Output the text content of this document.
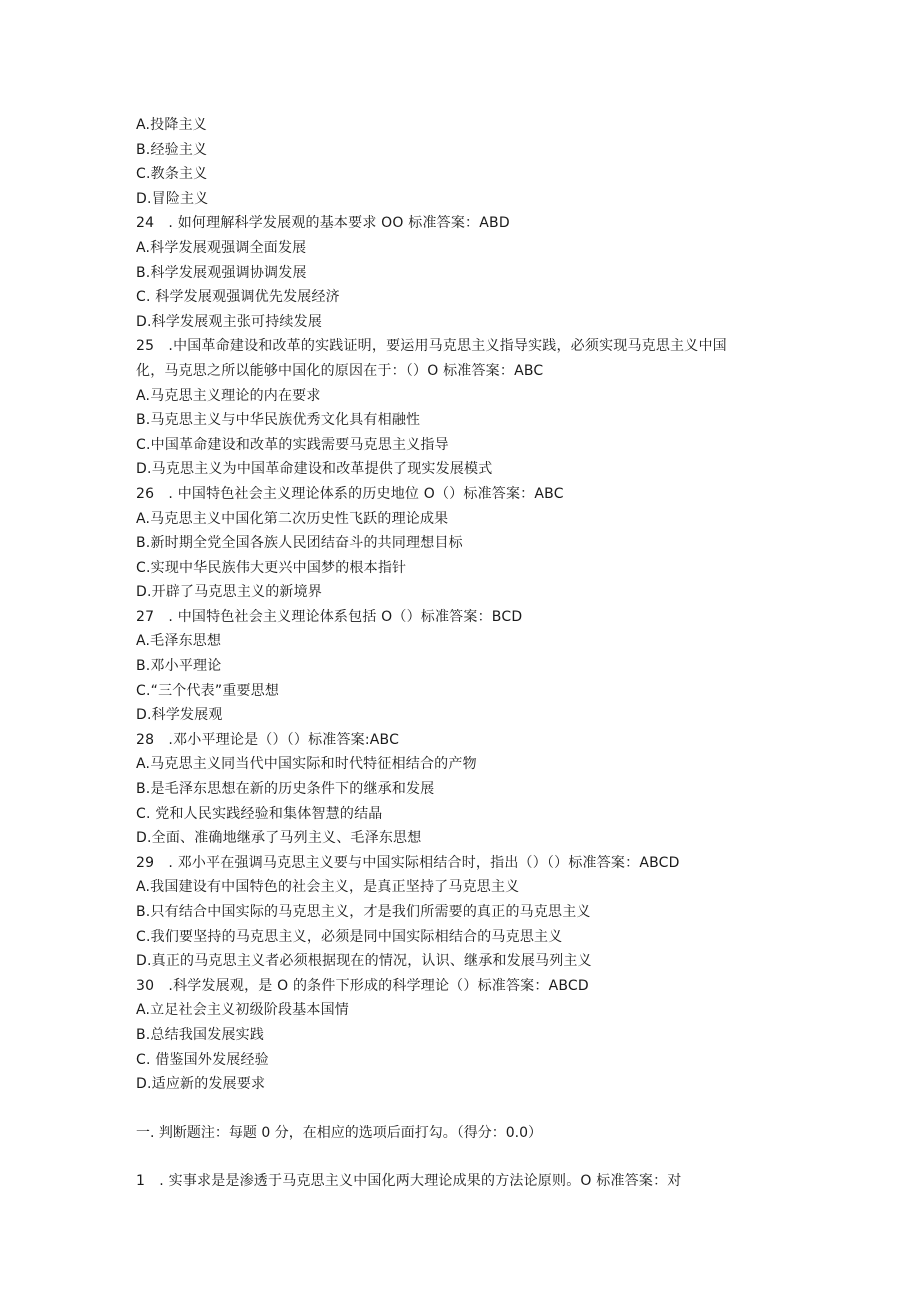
A.投降主义
B.经验主义
C.教条主义
D.冒险主义
24　. 如何理解科学发展观的基本要求 OO 标准答案：ABD
A.科学发展观强调全面发展
B.科学发展观强调协调发展
C. 科学发展观强调优先发展经济
D.科学发展观主张可持续发展
25　.中国革命建设和改革的实践证明，要运用马克思主义指导实践，必须实现马克思主义中国
化，马克思之所以能够中国化的原因在于：（）O 标准答案：ABC
A.马克思主义理论的内在要求
B.马克思主义与中华民族优秀文化具有相融性
C.中国革命建设和改革的实践需要马克思主义指导
D.马克思主义为中国革命建设和改革提供了现实发展模式
26　. 中国特色社会主义理论体系的历史地位 O（）标准答案：ABC
A.马克思主义中国化第二次历史性飞跃的理论成果
B.新时期全党全国各族人民团结奋斗的共同理想目标
C.实现中华民族伟大更兴中国梦的根本指针
D.开辟了马克思主义的新境界
27　. 中国特色社会主义理论体系包括 O（）标准答案：BCD
A.毛泽东思想
B.邓小平理论
C.“三个代表”重要思想
D.科学发展观
28　.邓小平理论是（）（）标准答案:ABC
A.马克思主义同当代中国实际和时代特征相结合的产物
B.是毛泽东思想在新的历史条件下的继承和发展
C. 党和人民实践经验和集体智慧的结晶
D.全面、准确地继承了马列主义、毛泽东思想
29　. 邓小平在强调马克思主义要与中国实际相结合时，指出（）（）标准答案：ABCD
A.我国建设有中国特色的社会主义，是真正坚持了马克思主义
B.只有结合中国实际的马克思主义，才是我们所需要的真正的马克思主义
C.我们要坚持的马克思主义，必须是同中国实际相结合的马克思主义
D.真正的马克思主义者必须根据现在的情况，认识、继承和发展马列主义
30　.科学发展观，是 O 的条件下形成的科学理论（）标准答案：ABCD
A.立足社会主义初级阶段基本国情
B.总结我国发展实践
C. 借鉴国外发展经验
D.适应新的发展要求
一. 判断题注：每题 0 分，在相应的选项后面打勾。（得分：0.0）
1　. 实事求是是渗透于马克思主义中国化两大理论成果的方法论原则。O 标准答案：对
